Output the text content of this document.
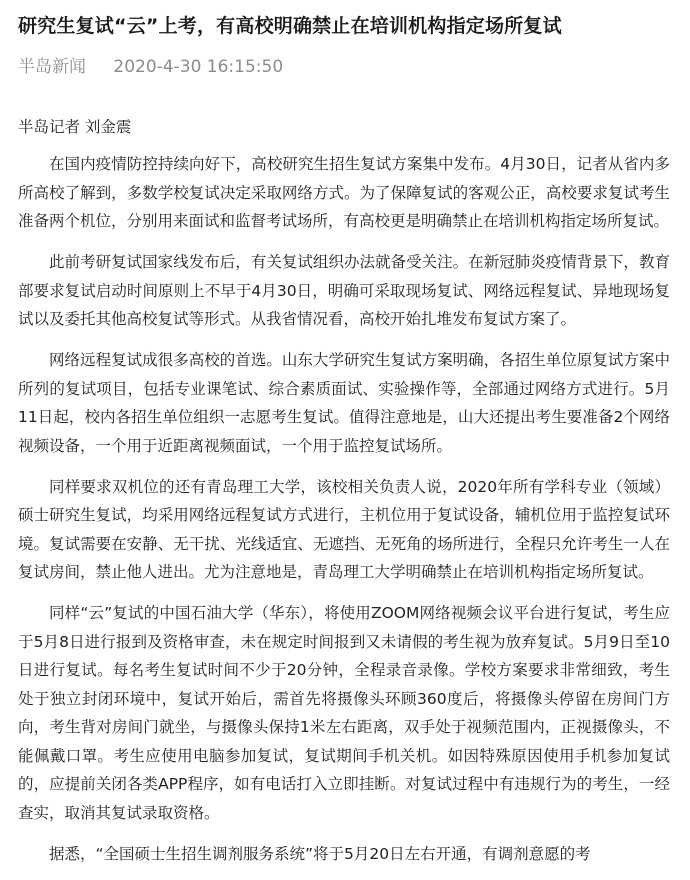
研究生复试“云”上考，有高校明确禁止在培训机构指定场所复试
半岛新闻 2020-4-30 16:15:50

半岛记者 刘金震

在国内疫情防控持续向好下，高校研究生招生复试方案集中发布。4月30日，记者从省内多所高校了解到，多数学校复试决定采取网络方式。为了保障复试的客观公正，高校要求复试考生准备两个机位，分别用来面试和监督考试场所，有高校更是明确禁止在培训机构指定场所复试。

此前考研复试国家线发布后，有关复试组织办法就备受关注。在新冠肺炎疫情背景下，教育部要求复试启动时间原则上不早于4月30日，明确可采取现场复试、网络远程复试、异地现场复试以及委托其他高校复试等形式。从我省情况看，高校开始扎堆发布复试方案了。

网络远程复试成很多高校的首选。山东大学研究生复试方案明确，各招生单位原复试方案中所列的复试项目，包括专业课笔试、综合素质面试、实验操作等，全部通过网络方式进行。5月11日起，校内各招生单位组织一志愿考生复试。值得注意地是，山大还提出考生要准备2个网络视频设备，一个用于近距离视频面试，一个用于监控复试场所。

同样要求双机位的还有青岛理工大学，该校相关负责人说，2020年所有学科专业（领域）硕士研究生复试，均采用网络远程复试方式进行，主机位用于复试设备，辅机位用于监控复试环境。复试需要在安静、无干扰、光线适宜、无遮挡、无死角的场所进行，全程只允许考生一人在复试房间，禁止他人进出。尤为注意地是，青岛理工大学明确禁止在培训机构指定场所复试。

同样“云”复试的中国石油大学（华东），将使用ZOOM网络视频会议平台进行复试，考生应于5月8日进行报到及资格审查，未在规定时间报到又未请假的考生视为放弃复试。5月9日至10日进行复试。每名考生复试时间不少于20分钟，全程录音录像。学校方案要求非常细致，考生处于独立封闭环境中，复试开始后，需首先将摄像头环顾360度后，将摄像头停留在房间门方向，考生背对房间门就坐，与摄像头保持1米左右距离，双手处于视频范围内，正视摄像头，不能佩戴口罩。考生应使用电脑参加复试，复试期间手机关机。如因特殊原因使用手机参加复试的，应提前关闭各类APP程序，如有电话打入立即挂断。对复试过程中有违规行为的考生，一经查实，取消其复试录取资格。

据悉，“全国硕士生招生调剂服务系统”将于5月20日左右开通，有调剂意愿的考
